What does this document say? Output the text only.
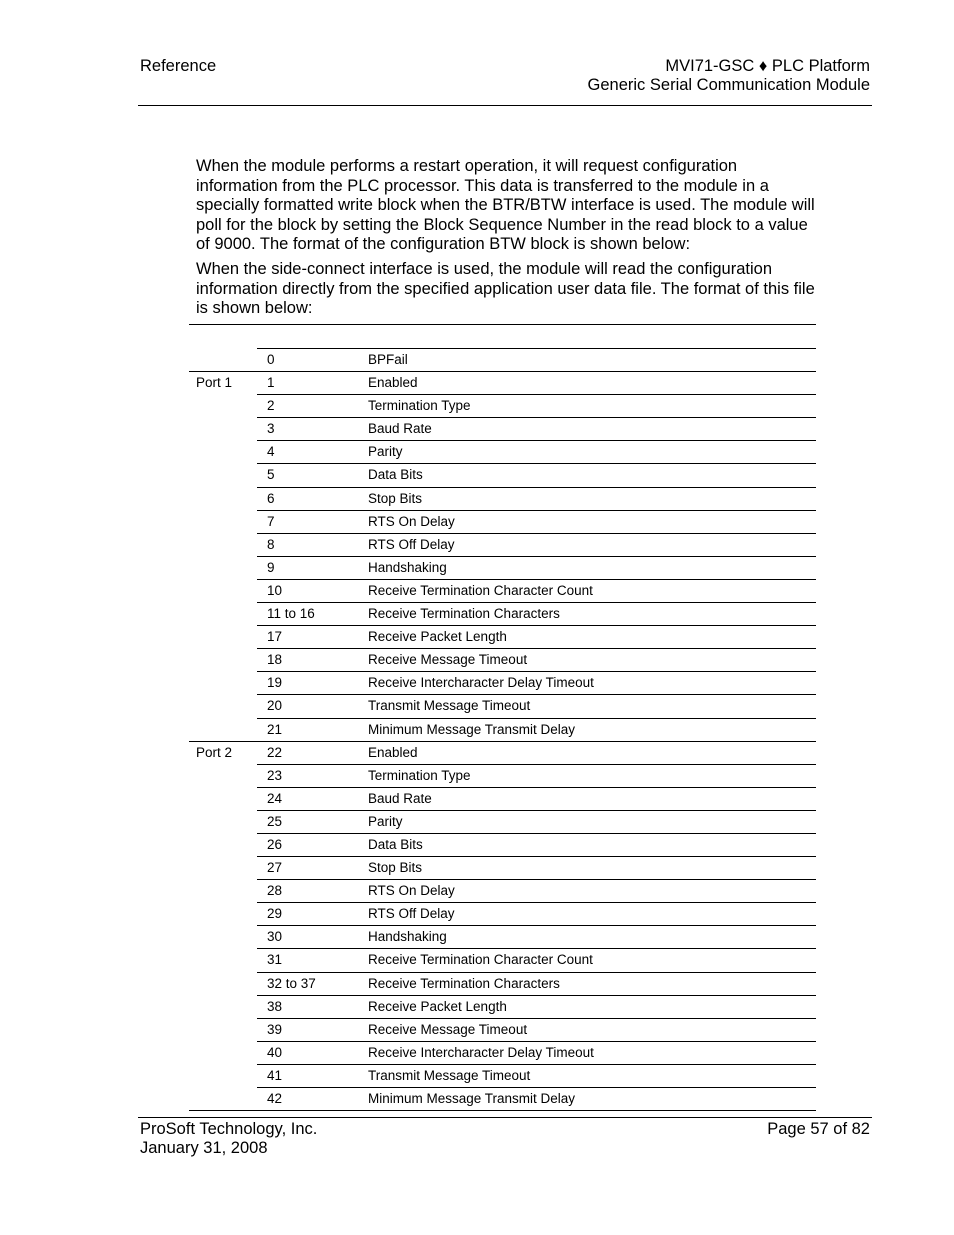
Reference	MVI71-GSC ♦ PLC Platform
Generic Serial Communication Module

When the module performs a restart operation, it will request configuration information from the PLC processor. This data is transferred to the module in a specially formatted write block when the BTR/BTW interface is used. The module will poll for the block by setting the Block Sequence Number in the read block to a value of 9000. The format of the configuration BTW block is shown below:

When the side-connect interface is used, the module will read the configuration information directly from the specified application user data file. The format of this file is shown below:

0	BPFail
Port 1	1	Enabled
2	Termination Type
3	Baud Rate
4	Parity
5	Data Bits
6	Stop Bits
7	RTS On Delay
8	RTS Off Delay
9	Handshaking
10	Receive Termination Character Count
11 to 16	Receive Termination Characters
17	Receive Packet Length
18	Receive Message Timeout
19	Receive Intercharacter Delay Timeout
20	Transmit Message Timeout
21	Minimum Message Transmit Delay
Port 2	22	Enabled
23	Termination Type
24	Baud Rate
25	Parity
26	Data Bits
27	Stop Bits
28	RTS On Delay
29	RTS Off Delay
30	Handshaking
31	Receive Termination Character Count
32 to 37	Receive Termination Characters
38	Receive Packet Length
39	Receive Message Timeout
40	Receive Intercharacter Delay Timeout
41	Transmit Message Timeout
42	Minimum Message Transmit Delay
ProSoft Technology, Inc.
January 31, 2008
Page 57 of 82
